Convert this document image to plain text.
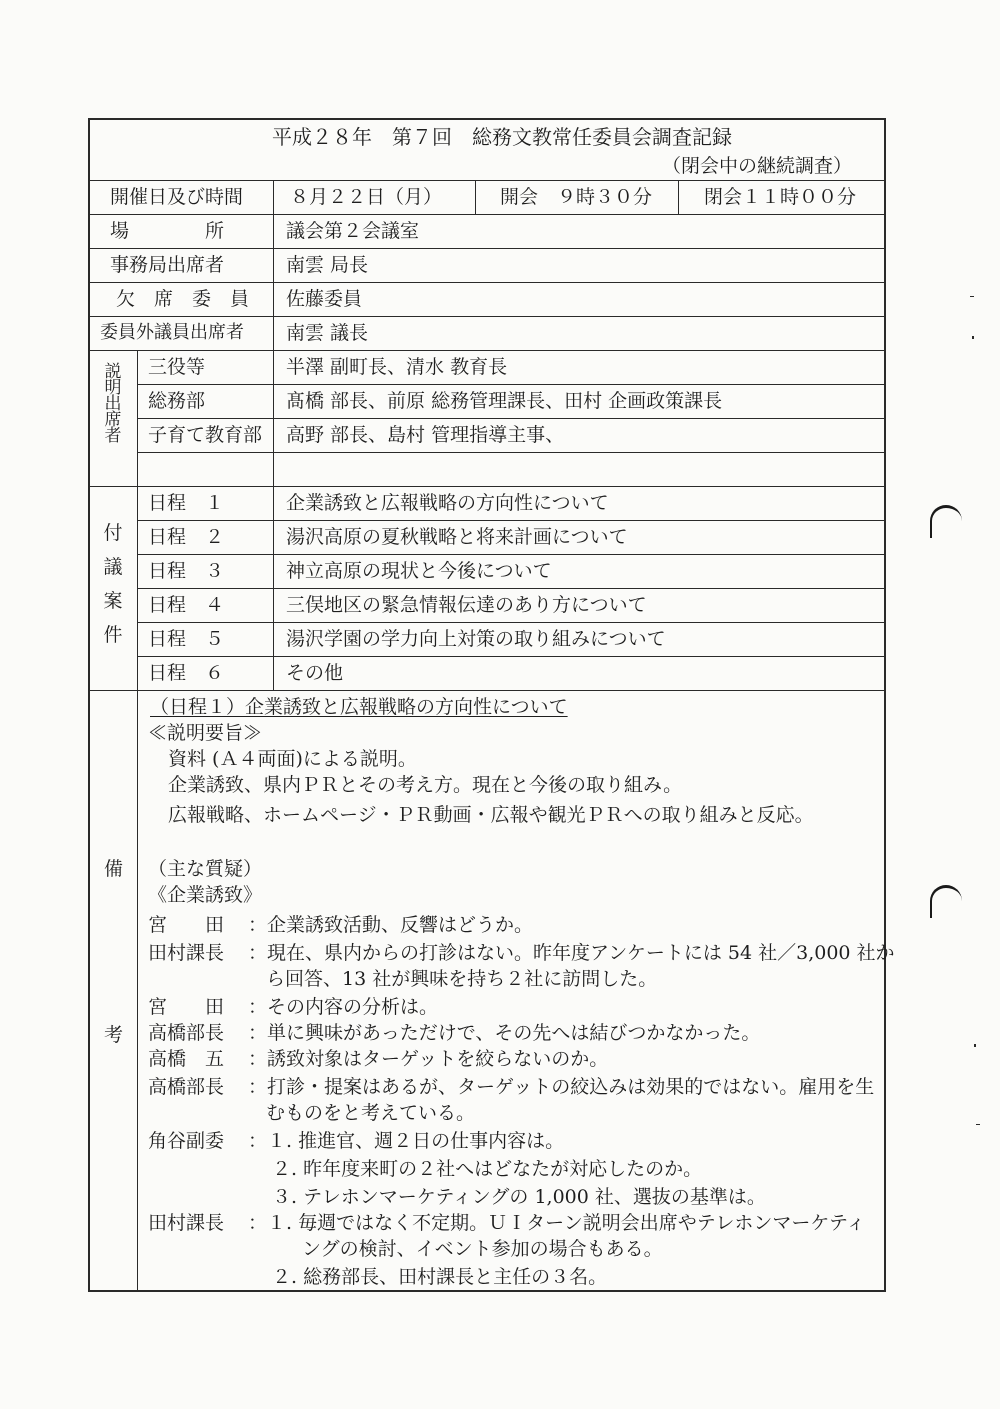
平成２８年　第７回　総務文教常任委員会調査記録
（閉会中の継続調査）
開催日及び時間 ８月２２日（月）	開会　９時３０分	閉会１１時００分
場　　　　所	議会第２会議室
事務局出席者	南雲 局長
欠　席　委　員 佐藤委員
委員外議員出席者 南雲 議長
説明出席者
三役等	半澤 副町長、清水 教育長
総務部	髙橋 部長、前原 総務管理課長、田村 企画政策課長
子育て教育部 高野 部長、島村 管理指導主事、
付議案件
日程　１	企業誘致と広報戦略の方向性について
日程　２	湯沢高原の夏秋戦略と将来計画について
日程　３	神立高原の現状と今後について
日程　４	三俣地区の緊急情報伝達のあり方について
日程　５	湯沢学園の学力向上対策の取り組みについて
日程　６	その他
備
考
（日程１）企業誘致と広報戦略の方向性について
≪説明要旨≫
資料 (Ａ４両面)による説明。
企業誘致、県内ＰＲとその考え方。現在と今後の取り組み。
広報戦略、ホームページ・ＰＲ動画・広報や観光ＰＲへの取り組みと反応。
（主な質疑）
《企業誘致》
宮　　田 ：企業誘致活動、反響はどうか。
田村課長 ：現在、県内からの打診はない。昨年度アンケートには 54 社／3,000 社か
ら回答、13 社が興味を持ち２社に訪問した。
宮　　田 ：その内容の分析は。
高橋部長 ：単に興味があっただけで、その先へは結びつかなかった。
高橋　五 ：誘致対象はターゲットを絞らないのか。
高橋部長 ：打診・提案はあるが、ターゲットの絞込みは効果的ではない。雇用を生
むものをと考えている。
角谷副委 ：１. 推進官、週２日の仕事内容は。
２. 昨年度来町の２社へはどなたが対応したのか。
３. テレホンマーケティングの 1,000 社、選抜の基準は。
田村課長 ：１. 毎週ではなく不定期。ＵＩターン説明会出席やテレホンマーケティ
ングの検討、イベント参加の場合もある。
２. 総務部長、田村課長と主任の３名。
